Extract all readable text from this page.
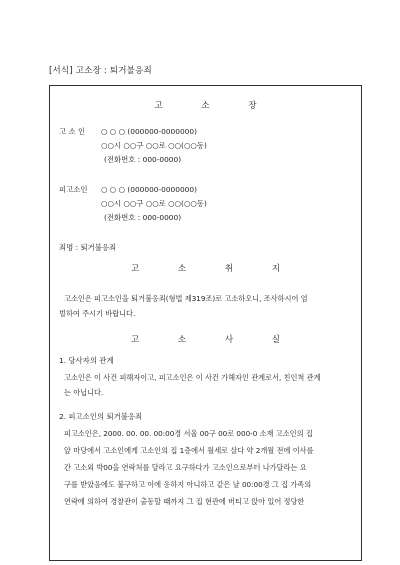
[서식] 고소장 : 퇴거불응죄
고 소 장
고 소 인 ○ ○ ○ (000000-0000000)
○○시 ○○구 ○○로 ○○(○○동)
(전화번호 : 000-0000)
피고소인 ○ ○ ○ (000000-0000000)
○○시 ○○구 ○○로 ○○(○○동)
(전화번호 : 000-0000)
죄명 : 퇴거불응죄
고 소 취 지
고소인은 피고소인을 퇴거불응죄(형법 제319조)로 고소하오니, 조사하시어 엄
벌하여 주시기 바랍니다.
고 소 사 실
1. 당사자의 관계
고소인은 이 사건 피해자이고, 피고소인은 이 사건 가해자인 관계로서, 친인척 관계
는 아닙니다.
2. 피고소인의 퇴거불응죄
피고소인은, 2000. 00. 00. 00:00경 서울 00구 00로 000-0 소재 고소인의 집
앞 마당에서 고소인에게 고소인의 집 1층에서 월세로 살다 약 2개월 전에 이사를
간 고소외 박00을 연락처를 달라고 요구하다가 고소인으로부터 나가달라는 요
구를 받았음에도 불구하고 이에 응하지 아니하고 같은 날 00:00경 그 집 가족의
연락에 의하여 경찰관이 출동할 때까지 그 집 현관에 버티고 앉아 있어 정당한
